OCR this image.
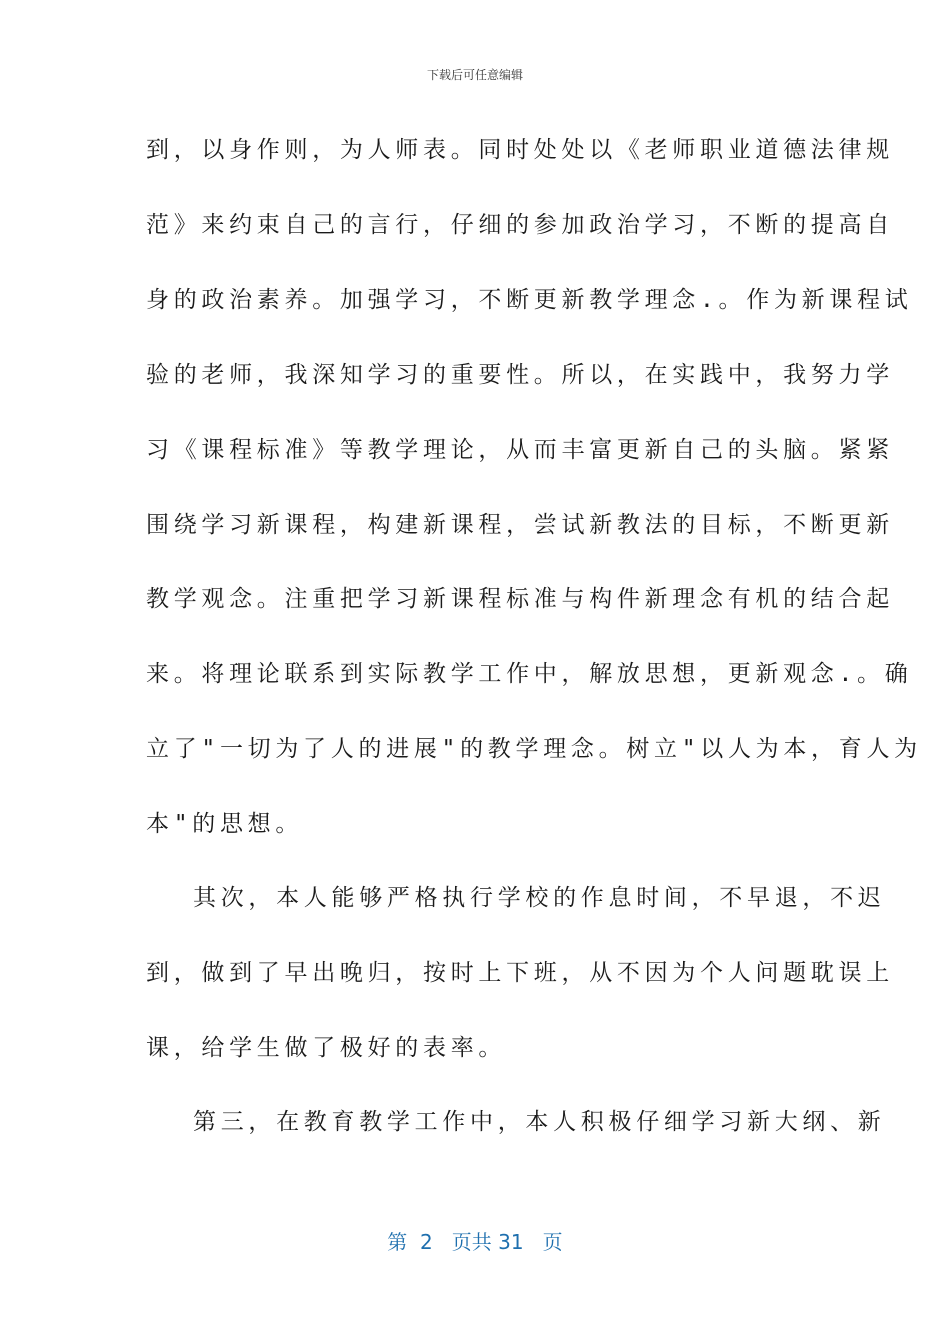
下载后可任意编辑
到，以身作则，为人师表。同时处处以《老师职业道德法律规
范》来约束自己的言行，仔细的参加政治学习，不断的提高自
身的政治素养。加强学习，不断更新教学理念.。作为新课程试
验的老师，我深知学习的重要性。所以，在实践中，我努力学
习《课程标准》等教学理论，从而丰富更新自己的头脑。紧紧
围绕学习新课程，构建新课程，尝试新教法的目标，不断更新
教学观念。注重把学习新课程标准与构件新理念有机的结合起
来。将理论联系到实际教学工作中，解放思想，更新观念.。确
立了"一切为了人的进展"的教学理念。树立"以人为本，育人为
本"的思想。
其次，本人能够严格执行学校的作息时间，不早退，不迟
到，做到了早出晚归，按时上下班，从不因为个人问题耽误上
课，给学生做了极好的表率。
第三，在教育教学工作中，本人积极仔细学习新大纲、新
第  2   页共 31   页
